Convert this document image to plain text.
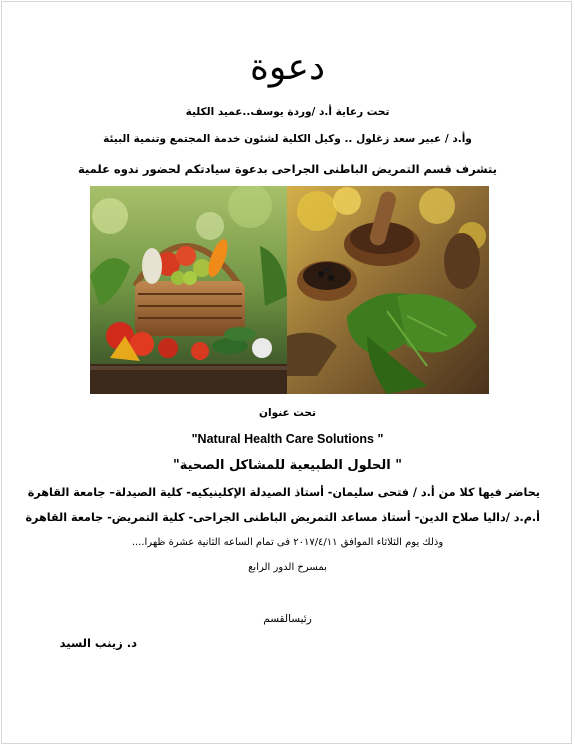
دعوة
تحت رعاية أ.د /وردة يوسف..عميد الكلية
وأ.د / عبير سعد زغلول .. وكيل الكلية لشئون خدمة المجتمع وتنمية البيئة
يتشرف قسم التمريض الباطنى الجراحى بدعوة سيادتكم لحضور ندوه علمية
تحت عنوان
"Natural Health Care Solutions "
" الحلول الطبيعية للمشاكل الصحية"
يحاضر فيها كلا من أ.د / فتحى سليمان- أستاذ الصيدلة الإكلينيكيه- كلية الصيدلة– جامعة القاهرة
أ.م.د /داليا صلاح الدين- أستاذ مساعد التمريض الباطنى الجراحى- كلية التمريض- جامعة القاهرة
وذلك يوم الثلاثاء الموافق ٢٠١٧/٤/١١ فى تمام الساعه الثانية عشرة ظهرا....
بمسرح الدور الرابع
رئيسالقسم
د. زينب السيد
